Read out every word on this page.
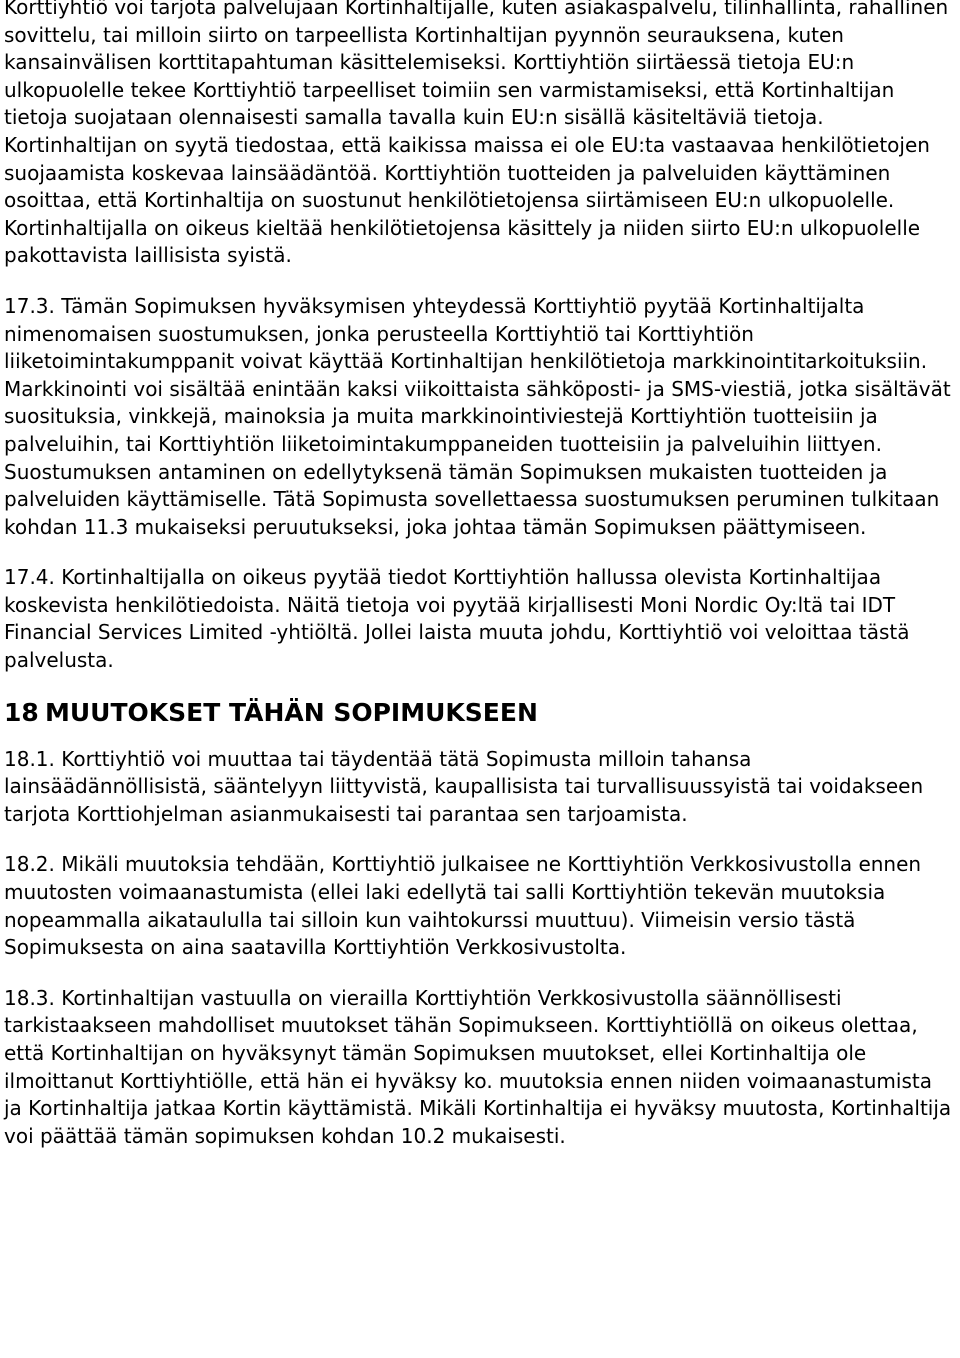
Korttiyhtiö voi tarjota palvelujaan Kortinhaltijalle, kuten asiakaspalvelu, tilinhallinta, rahallinen sovittelu, tai milloin siirto on tarpeellista Kortinhaltijan pyynnön seurauksena, kuten kansainvälisen korttitapahtuman käsittelemiseksi. Korttiyhtiön siirtäessä tietoja EU:n ulkopuolelle tekee Korttiyhtiö tarpeelliset toimiin sen varmistamiseksi, että Kortinhaltijan tietoja suojataan olennaisesti samalla tavalla kuin EU:n sisällä käsiteltäviä tietoja. Kortinhaltijan on syytä tiedostaa, että kaikissa maissa ei ole EU:ta vastaavaa henkilötietojen suojaamista koskevaa lainsäädäntöä. Korttiyhtiön tuotteiden ja palveluiden käyttäminen osoittaa, että Kortinhaltija on suostunut henkilötietojensa siirtämiseen EU:n ulkopuolelle. Kortinhaltijalla on oikeus kieltää henkilötietojensa käsittely ja niiden siirto EU:n ulkopuolelle pakottavista laillisista syistä.

17.3. Tämän Sopimuksen hyväksymisen yhteydessä Korttiyhtiö pyytää Kortinhaltijalta nimenomaisen suostumuksen, jonka perusteella Korttiyhtiö tai Korttiyhtiön liiketoimintakumppanit voivat käyttää Kortinhaltijan henkilötietoja markkinointitarkoituksiin. Markkinointi voi sisältää enintään kaksi viikoittaista sähköposti- ja SMS-viestiä, jotka sisältävät suosituksia, vinkkejä, mainoksia ja muita markkinointiviestejä Korttiyhtiön tuotteisiin ja palveluihin, tai Korttiyhtiön liiketoimintakumppaneiden tuotteisiin ja palveluihin liittyen. Suostumuksen antaminen on edellytyksenä tämän Sopimuksen mukaisten tuotteiden ja palveluiden käyttämiselle. Tätä Sopimusta sovellettaessa suostumuksen peruminen tulkitaan kohdan 11.3 mukaiseksi peruutukseksi, joka johtaa tämän Sopimuksen päättymiseen.

17.4. Kortinhaltijalla on oikeus pyytää tiedot Korttiyhtiön hallussa olevista Kortinhaltijaa koskevista henkilötiedoista. Näitä tietoja voi pyytää kirjallisesti Moni Nordic Oy:ltä tai IDT Financial Services Limited -yhtiöltä. Jollei laista muuta johdu, Korttiyhtiö voi veloittaa tästä palvelusta.

18 MUUTOKSET TÄHÄN SOPIMUKSEEN

18.1. Korttiyhtiö voi muuttaa tai täydentää tätä Sopimusta milloin tahansa lainsäädännöllisistä, sääntelyyn liittyvistä, kaupallisista tai turvallisuussyistä tai voidakseen tarjota Korttiohjelman asianmukaisesti tai parantaa sen tarjoamista.

18.2. Mikäli muutoksia tehdään, Korttiyhtiö julkaisee ne Korttiyhtiön Verkkosivustolla ennen muutosten voimaanastumista (ellei laki edellytä tai salli Korttiyhtiön tekevän muutoksia nopeammalla aikataululla tai silloin kun vaihtokurssi muuttuu). Viimeisin versio tästä Sopimuksesta on aina saatavilla Korttiyhtiön Verkkosivustolta.

18.3. Kortinhaltijan vastuulla on vierailla Korttiyhtiön Verkkosivustolla säännöllisesti tarkistaakseen mahdolliset muutokset tähän Sopimukseen. Korttiyhtiöllä on oikeus olettaa, että Kortinhaltijan on hyväksynyt tämän Sopimuksen muutokset, ellei Kortinhaltija ole ilmoittanut Korttiyhtiölle, että hän ei hyväksy ko. muutoksia ennen niiden voimaanastumista ja Kortinhaltija jatkaa Kortin käyttämistä. Mikäli Kortinhaltija ei hyväksy muutosta, Kortinhaltija voi päättää tämän sopimuksen kohdan 10.2 mukaisesti.
